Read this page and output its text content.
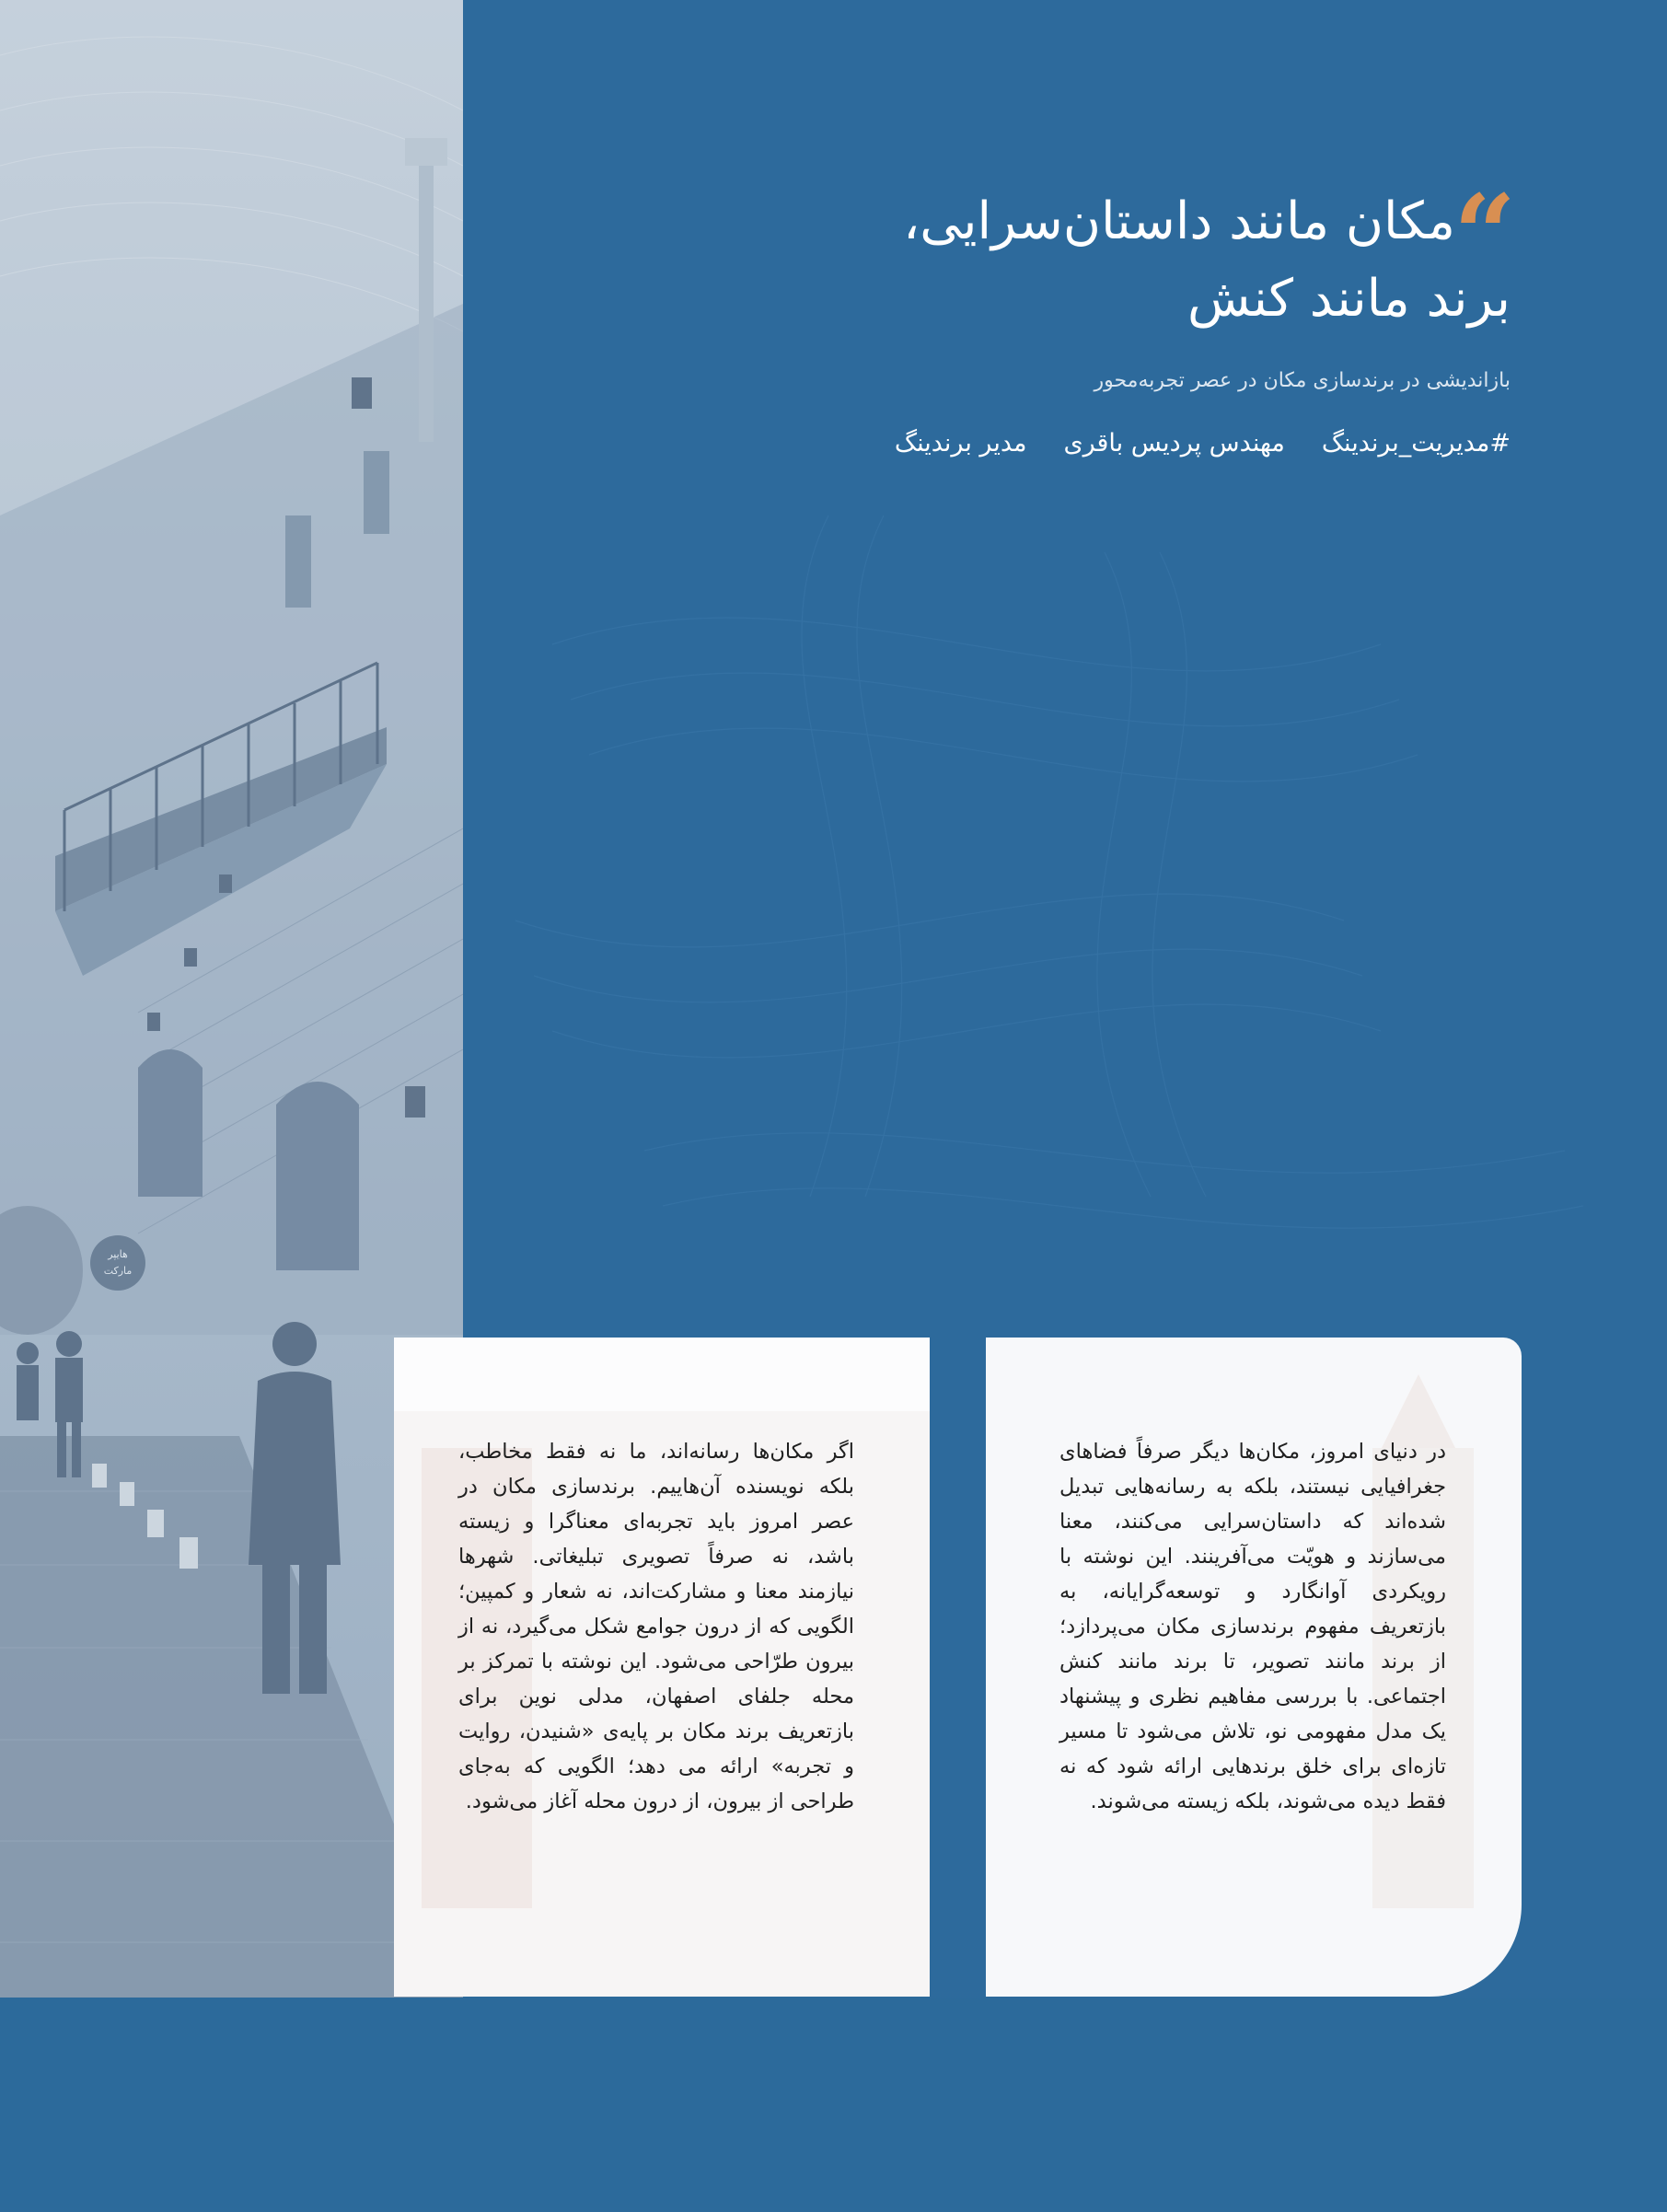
هایپر
مارکت
“
مکان مانند داستان‌سرایی،
برند مانند کنش
بازاندیشی در برندسازی مکان در عصر تجربه‌محور
#مدیریت_برندینگ
مهندس پردیس باقری
مدیر برندینگ
اگر مکان‌ها رسانه‌اند، ما نه فقط مخاطب، بلکه نویسنده آن‌هاییم. برندسازی مکان در عصر امروز باید تجربه‌ای معناگرا و زیسته باشد، نه صرفاً تصویری تبلیغاتی. شهرها نیازمند معنا و مشارکت‌اند، نه شعار و کمپین؛ الگویی که از درون جوامع شکل می‌گیرد، نه از بیرون طرّاحی می‌شود. این نوشته با تمرکز بر محله جلفای اصفهان، مدلی نوین برای بازتعریف برند مکان بر پایه‌ی «شنیدن، روایت و تجربه» ارائه می دهد؛ الگویی که به‌جای طراحی از بیرون، از درون محله آغاز می‌شود.
در دنیای امروز، مکان‌ها دیگر صرفاً فضاهای جغرافیایی نیستند، بلکه به رسانه‌هایی تبدیل شده‌اند که داستان‌سرایی می‌کنند، معنا می‌سازند و هویّت می‌آفرینند. این نوشته با رویکردی آوانگارد و توسعه‌گرایانه، به بازتعریف مفهوم برندسازی مکان می‌پردازد؛ از برند مانند تصویر، تا برند مانند کنش اجتماعی. با بررسی مفاهیم نظری و پیشنهاد یک مدل مفهومی نو، تلاش می‌شود تا مسیر تازه‌ای برای خلق برندهایی ارائه شود که نه فقط دیده می‌شوند، بلکه زیسته می‌شوند.
